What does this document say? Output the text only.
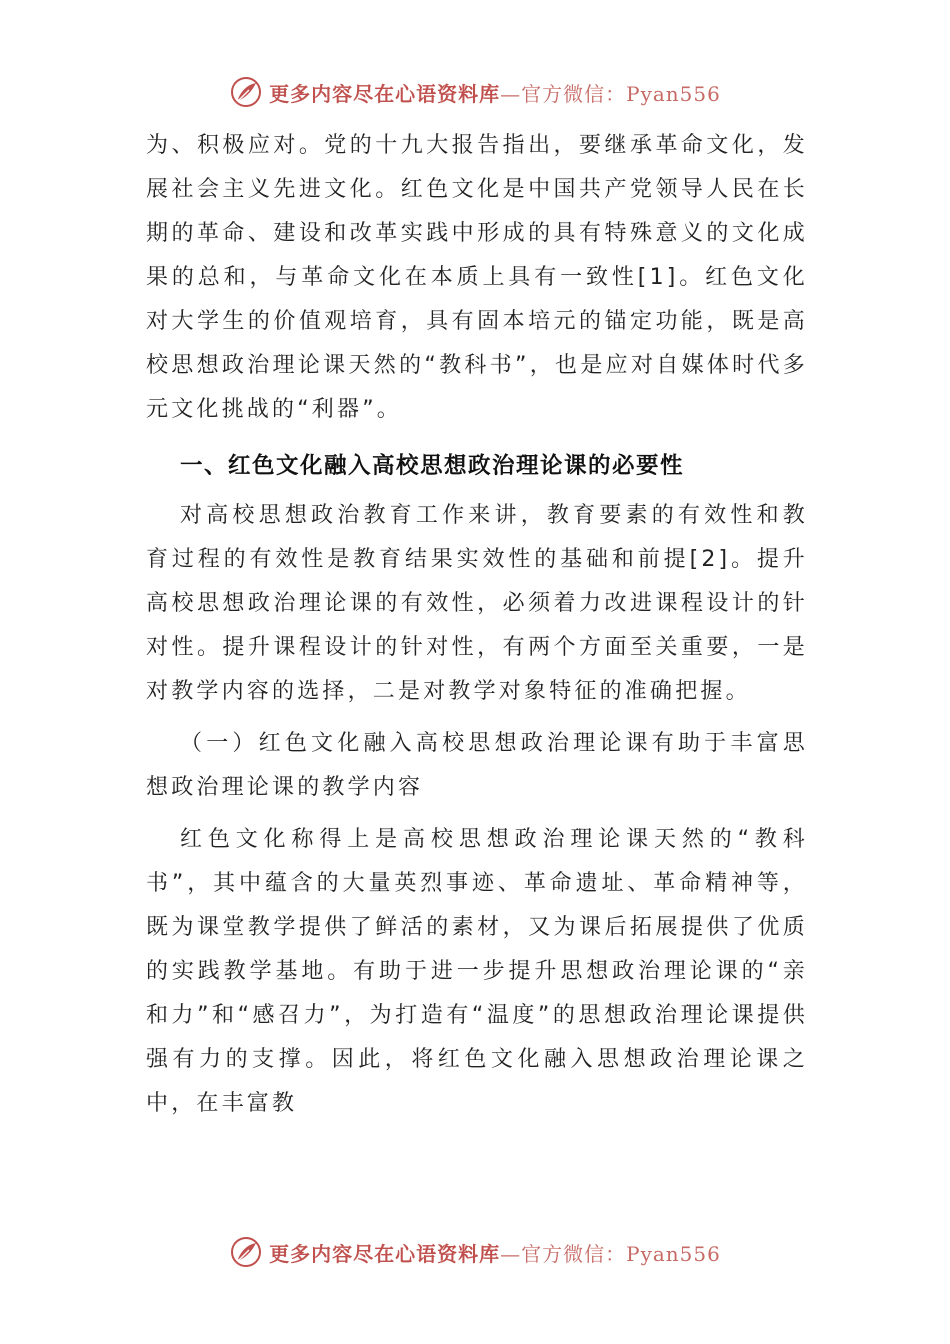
更多内容尽在心语资料库—官方微信：Pyan556

为、积极应对。党的十九大报告指出，要继承革命文化，发 展社会主义先进文化。红色文化是中国共产党领导人民在长期的革命、建设和改革实践中形成的具有特殊意义的文化成果的总和，与革命文化在本质上具有一致性[1]。红色文化对大学生的价值观培育，具有固本培元的锚定功能，既是高校思想政治理论课天然的“教科书”，也是应对自媒体时代多元文化挑战的“利器”。

一、红色文化融入高校思想政治理论课的必要性

对高校思想政治教育工作来讲，教育要素的有效性和教育过程的有效性是教育结果实效性的基础和前提[2]。提升高校思想政治理论课的有效性，必须着力改进课程设计的针对性。提升课程设计的针对性，有两个方面至关重要，一是对教学内容的选择，二是对教学对象特征的准确把握。

（一）红色文化融入高校思想政治理论课有助于丰富思想政治理论课的教学内容

红色文化称得上是高校思想政治理论课天然的“教科书”，其中蕴含的大量英烈事迹、革命遗址、革命精神等，既为课堂教学提供了鲜活的素材，又为课后拓展提供了优质的实践教学基地。有助于进一步提升思想政治理论课的“亲和力”和“感召力”，为打造有“温度”的思想政治理论课提供强有力的支撑。因此，将红色文化融入思想政治理论课之中，在丰富教

更多内容尽在心语资料库—官方微信：Pyan556
